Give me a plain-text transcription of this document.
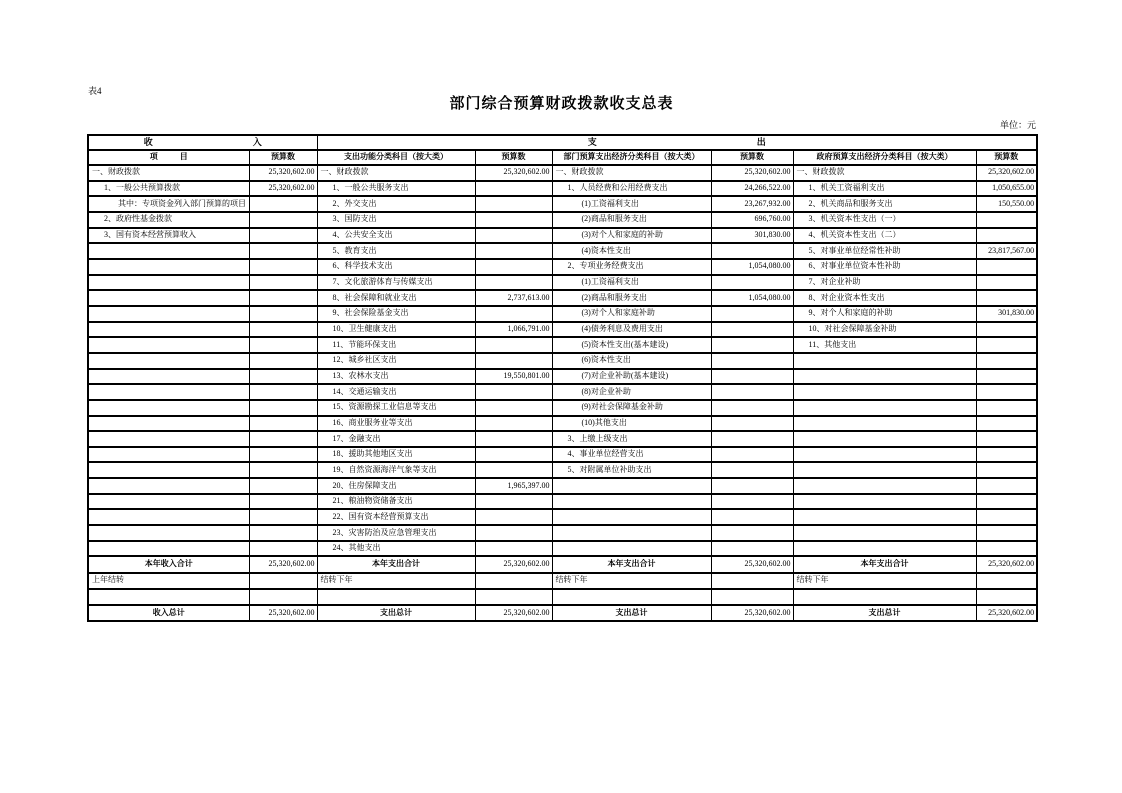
表4
部门综合预算财政拨款收支总表
单位：元
收 入		支 出					

项 目	预算数	支出功能分类科目（按大类）	预算数	部门预算支出经济分类科目（按大类）	预算数	政府预算支出经济分类科目（按大类）	预算数
一、财政拨款	25,320,602.00	一、财政拨款	25,320,602.00	一、财政拨款	25,320,602.00	一、财政拨款	25,320,602.00
1、一般公共预算拨款	25,320,602.00	1、一般公共服务支出		1、人员经费和公用经费支出	24,266,522.00	1、机关工资福利支出	1,050,655.00
其中：专项资金列入部门预算的项目		2、外交支出		(1)工资福利支出	23,267,932.00	2、机关商品和服务支出	150,550.00
2、政府性基金拨款		3、国防支出		(2)商品和服务支出	696,760.00	3、机关资本性支出（一）	
3、国有资本经营预算收入		4、公共安全支出		(3)对个人和家庭的补助	301,830.00	4、机关资本性支出（二）	
		5、教育支出		(4)资本性支出		5、对事业单位经常性补助	23,817,567.00
		6、科学技术支出		2、专项业务经费支出	1,054,080.00	6、对事业单位资本性补助	
		7、文化旅游体育与传媒支出		(1)工资福利支出		7、对企业补助	
		8、社会保障和就业支出	2,737,613.00	(2)商品和服务支出	1,054,080.00	8、对企业资本性支出	
		9、社会保险基金支出		(3)对个人和家庭补助		9、对个人和家庭的补助	301,830.00
		10、卫生健康支出	1,066,791.00	(4)债务利息及费用支出		10、对社会保障基金补助	
		11、节能环保支出		(5)资本性支出(基本建设)		11、其他支出	
		12、城乡社区支出		(6)资本性支出			
		13、农林水支出	19,550,801.00	(7)对企业补助(基本建设)			
		14、交通运输支出		(8)对企业补助			
		15、资源勘探工业信息等支出		(9)对社会保障基金补助			
		16、商业服务业等支出		(10)其他支出			
		17、金融支出		3、上缴上级支出			
		18、援助其他地区支出		4、事业单位经营支出			
		19、自然资源海洋气象等支出		5、对附属单位补助支出			
		20、住房保障支出	1,965,397.00				
		21、粮油物资储备支出					
		22、国有资本经营预算支出					
		23、灾害防治及应急管理支出					
		24、其他支出					
本年收入合计	25,320,602.00	本年支出合计	25,320,602.00	本年支出合计	25,320,602.00	本年支出合计	25,320,602.00
上年结转		结转下年		结转下年		结转下年	

收入总计	25,320,602.00	支出总计	25,320,602.00	支出总计	25,320,602.00	支出总计	25,320,602.00
